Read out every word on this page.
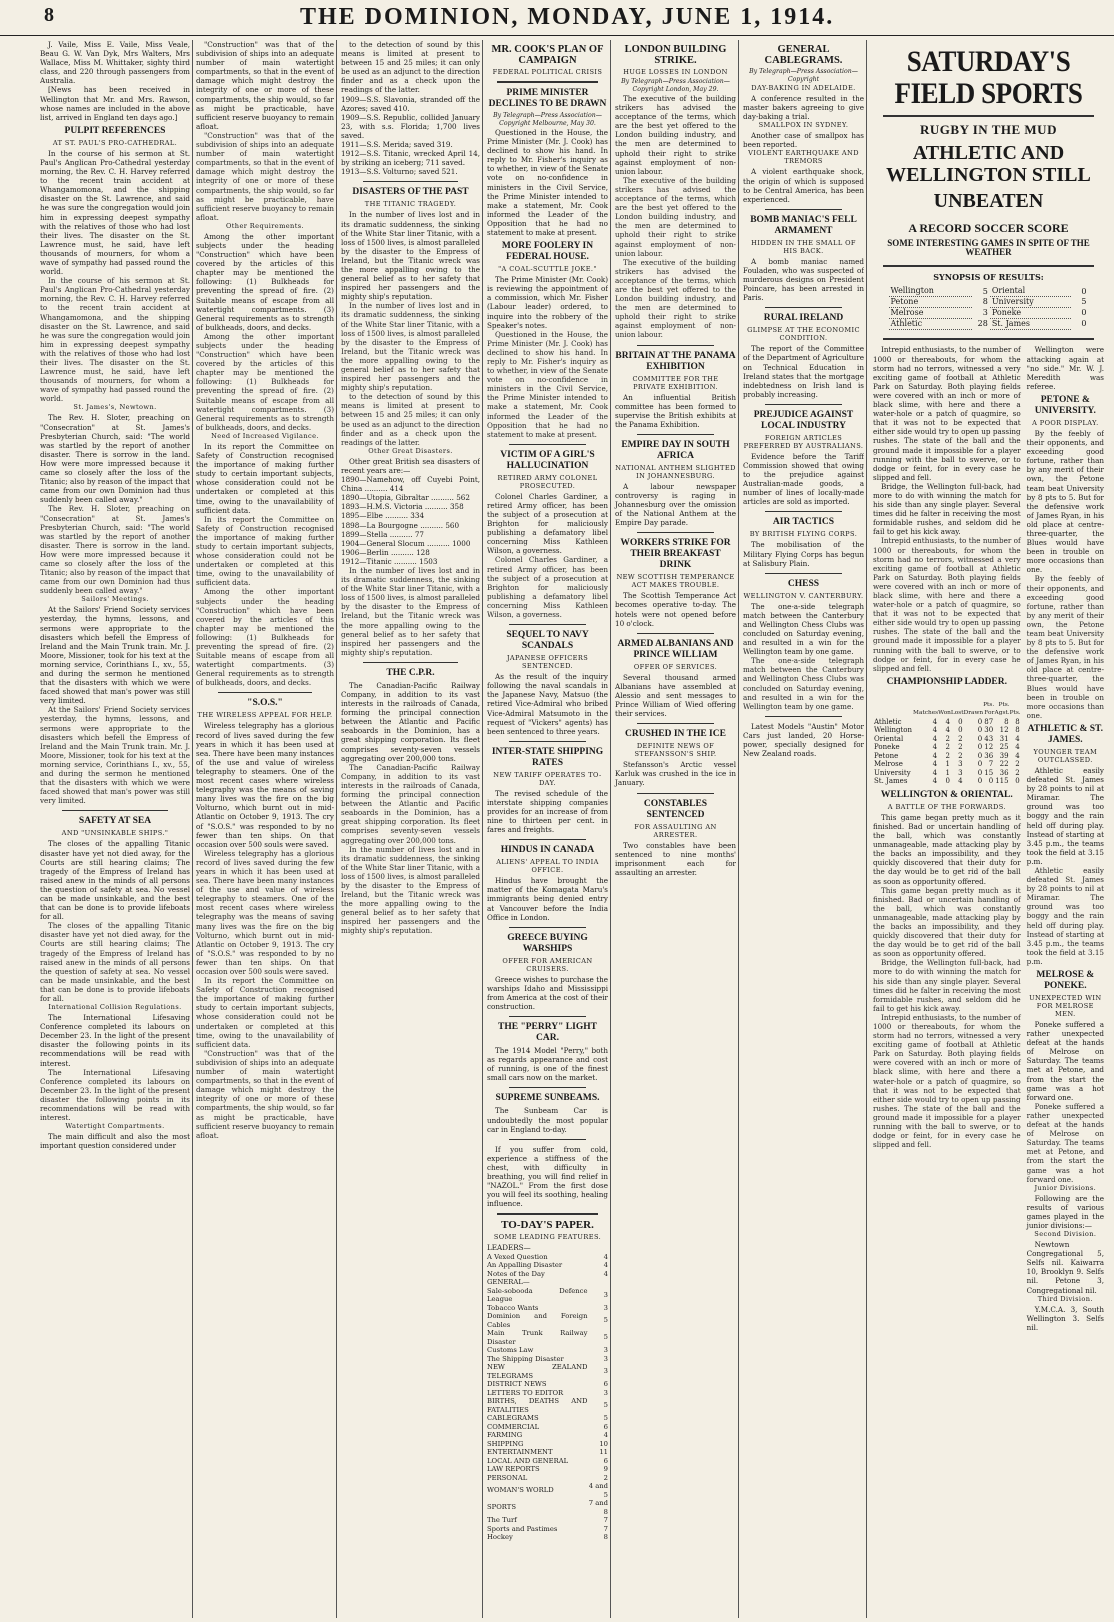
8	THE DOMINION, MONDAY, JUNE 1, 1914.
J. Vaile, Miss E. Vaile, Miss Veale, Beau G. W. Van Dyk, Mrs Walters, Mrs Wallace, Miss M. Whittaker, sighty third class, and 220 through passengers from Australia.
[News has been received in Wellington that Mr. and Mrs. Rawson, whose names are included in the above list, arrived in England ten days ago.]
PULPIT REFERENCES
AT ST. PAUL'S PRO-CATHEDRAL.
In the course of his sermon at St. Paul's Anglican Pro-Cathedral yesterday morning, the Rev. C. H. Harvey referred to the recent train accident at Whangamomona, and the shipping disaster on the St. Lawrence, and said he was sure the congregation would join him in expressing deepest sympathy with the relatives of those who had lost their lives. The disaster on the St. Lawrence must, he said, have left thousands of mourners, for whom a wave of sympathy had passed round the world.
In the course of his sermon at St. Paul's Anglican Pro-Cathedral yesterday morning, the Rev. C. H. Harvey referred to the recent train accident at Whangamomona, and the shipping disaster on the St. Lawrence, and said he was sure the congregation would join him in expressing deepest sympathy with the relatives of those who had lost their lives. The disaster on the St. Lawrence must, he said, have left thousands of mourners, for whom a wave of sympathy had passed round the world.
St. James's, Newtown.
The Rev. H. Sloter, preaching on "Consecration" at St. James's Presbyterian Church, said: "The world was startled by the report of another disaster. There is sorrow in the land. How were more impressed because it came so closely after the loss of the Titanic; also by reason of the impact that came from our own Dominion had thus suddenly been called away."
The Rev. H. Sloter, preaching on "Consecration" at St. James's Presbyterian Church, said: "The world was startled by the report of another disaster. There is sorrow in the land. How were more impressed because it came so closely after the loss of the Titanic; also by reason of the impact that came from our own Dominion had thus suddenly been called away."
Sailors' Meetings.
At the Sailors' Friend Society services yesterday, the hymns, lessons, and sermons were appropriate to the disasters which befell the Empress of Ireland and the Main Trunk train. Mr. J. Moore, Missioner, took for his text at the morning service, Corinthians I., xv., 55, and during the sermon he mentioned that the disasters with which we were faced showed that man's power was still very limited.
At the Sailors' Friend Society services yesterday, the hymns, lessons, and sermons were appropriate to the disasters which befell the Empress of Ireland and the Main Trunk train. Mr. J. Moore, Missioner, took for his text at the morning service, Corinthians I., xv., 55, and during the sermon he mentioned that the disasters with which we were faced showed that man's power was still very limited.
SAFETY AT SEA
AND "UNSINKABLE SHIPS."
The closes of the appalling Titanic disaster have yet not died away, for the Courts are still hearing claims; The tragedy of the Empress of Ireland has raised anew in the minds of all persons the question of safety at sea. No vessel can be made unsinkable, and the best that can be done is to provide lifeboats for all.
The closes of the appalling Titanic disaster have yet not died away, for the Courts are still hearing claims; The tragedy of the Empress of Ireland has raised anew in the minds of all persons the question of safety at sea. No vessel can be made unsinkable, and the best that can be done is to provide lifeboats for all.
International Collision Regulations.
The International Lifesaving Conference completed its labours on December 23. In the light of the present disaster the following points in its recommendations will be read with interest.
The International Lifesaving Conference completed its labours on December 23. In the light of the present disaster the following points in its recommendations will be read with interest.
Watertight Compartments.
The main difficult and also the most important question considered under
"Construction" was that of the subdivision of ships into an adequate number of main watertight compartments, so that in the event of damage which might destroy the integrity of one or more of these compartments, the ship would, so far as might be practicable, have sufficient reserve buoyancy to remain afloat.
"Construction" was that of the subdivision of ships into an adequate number of main watertight compartments, so that in the event of damage which might destroy the integrity of one or more of these compartments, the ship would, so far as might be practicable, have sufficient reserve buoyancy to remain afloat.
Other Requirements.
Among the other important subjects under the heading "Construction" which have been covered by the articles of this chapter may be mentioned the following: (1) Bulkheads for preventing the spread of fire. (2) Suitable means of escape from all watertight compartments. (3) General requirements as to strength of bulkheads, doors, and decks.
Among the other important subjects under the heading "Construction" which have been covered by the articles of this chapter may be mentioned the following: (1) Bulkheads for preventing the spread of fire. (2) Suitable means of escape from all watertight compartments. (3) General requirements as to strength of bulkheads, doors, and decks.
Need of Increased Vigilance.
In its report the Committee on Safety of Construction recognised the importance of making further study to certain important subjects, whose consideration could not be undertaken or completed at this time, owing to the unavailability of sufficient data.
In its report the Committee on Safety of Construction recognised the importance of making further study to certain important subjects, whose consideration could not be undertaken or completed at this time, owing to the unavailability of sufficient data.
Among the other important subjects under the heading "Construction" which have been covered by the articles of this chapter may be mentioned the following: (1) Bulkheads for preventing the spread of fire. (2) Suitable means of escape from all watertight compartments. (3) General requirements as to strength of bulkheads, doors, and decks.
"S.O.S."
THE WIRELESS APPEAL FOR HELP.
Wireless telegraphy has a glorious record of lives saved during the few years in which it has been used at sea. There have been many instances of the use and value of wireless telegraphy to steamers. One of the most recent cases where wireless telegraphy was the means of saving many lives was the fire on the big Volturno, which burnt out in mid-Atlantic on October 9, 1913. The cry of "S.O.S." was responded to by no fewer than ten ships. On that occasion over 500 souls were saved.
Wireless telegraphy has a glorious record of lives saved during the few years in which it has been used at sea. There have been many instances of the use and value of wireless telegraphy to steamers. One of the most recent cases where wireless telegraphy was the means of saving many lives was the fire on the big Volturno, which burnt out in mid-Atlantic on October 9, 1913. The cry of "S.O.S." was responded to by no fewer than ten ships. On that occasion over 500 souls were saved.
In its report the Committee on Safety of Construction recognised the importance of making further study to certain important subjects, whose consideration could not be undertaken or completed at this time, owing to the unavailability of sufficient data.
"Construction" was that of the subdivision of ships into an adequate number of main watertight compartments, so that in the event of damage which might destroy the integrity of one or more of these compartments, the ship would, so far as might be practicable, have sufficient reserve buoyancy to remain afloat.
to the detection of sound by this means is limited at present to between 15 and 25 miles; it can only be used as an adjunct to the direction finder and as a check upon the readings of the latter.
1909—S.S. Slavonia, stranded off the Azores; saved 410.
1909—S.S. Republic, collided January 23, with s.s. Florida; 1,700 lives saved.
1911—S.S. Merida; saved 319.
1912—S.S. Titanic, wrecked April 14, by striking an iceberg; 711 saved.
1913—S.S. Volturno; saved 521.
DISASTERS OF THE PAST
THE TITANIC TRAGEDY.
In the number of lives lost and in its dramatic suddenness, the sinking of the White Star liner Titanic, with a loss of 1500 lives, is almost paralleled by the disaster to the Empress of Ireland, but the Titanic wreck was the more appalling owing to the general belief as to her safety that inspired her passengers and the mighty ship's reputation.
In the number of lives lost and in its dramatic suddenness, the sinking of the White Star liner Titanic, with a loss of 1500 lives, is almost paralleled by the disaster to the Empress of Ireland, but the Titanic wreck was the more appalling owing to the general belief as to her safety that inspired her passengers and the mighty ship's reputation.
to the detection of sound by this means is limited at present to between 15 and 25 miles; it can only be used as an adjunct to the direction finder and as a check upon the readings of the latter.
Other Great Disasters.
Other great British sea disasters of recent years are:—
1890—Namehow, off Cuyebi Point, China .......... 414
1890—Utopia, Gibraltar .......... 562
1893—H.M.S. Victoria .......... 358
1895—Elbe .......... 334
1898—La Bourgogne .......... 560
1899—Stella .......... 77
1904—General Slocum .......... 1000
1906—Berlin .......... 128
1912—Titanic .......... 1503
In the number of lives lost and in its dramatic suddenness, the sinking of the White Star liner Titanic, with a loss of 1500 lives, is almost paralleled by the disaster to the Empress of Ireland, but the Titanic wreck was the more appalling owing to the general belief as to her safety that inspired her passengers and the mighty ship's reputation.
THE C.P.R.
The Canadian-Pacific Railway Company, in addition to its vast interests in the railroads of Canada, forming the principal connection between the Atlantic and Pacific seaboards in the Dominion, has a great shipping corporation. Its fleet comprises seventy-seven vessels aggregating over 200,000 tons.
The Canadian-Pacific Railway Company, in addition to its vast interests in the railroads of Canada, forming the principal connection between the Atlantic and Pacific seaboards in the Dominion, has a great shipping corporation. Its fleet comprises seventy-seven vessels aggregating over 200,000 tons.
In the number of lives lost and in its dramatic suddenness, the sinking of the White Star liner Titanic, with a loss of 1500 lives, is almost paralleled by the disaster to the Empress of Ireland, but the Titanic wreck was the more appalling owing to the general belief as to her safety that inspired her passengers and the mighty ship's reputation.
MR. COOK'S PLAN OF CAMPAIGN
FEDERAL POLITICAL CRISIS
PRIME MINISTER DECLINES TO BE DRAWN
By Telegraph—Press Association—Copyright Melbourne, May 30.
Questioned in the House, the Prime Minister (Mr. J. Cook) has declined to show his hand. In reply to Mr. Fisher's inquiry as to whether, in view of the Senate vote on no-confidence in ministers in the Civil Service, the Prime Minister intended to make a statement, Mr. Cook informed the Leader of the Opposition that he had no statement to make at present.
MORE FOOLERY IN FEDERAL HOUSE.
"A COAL-SCUTTLE JOKE."
The Prime Minister (Mr. Cook) is reviewing the appointment of a commission, which Mr. Fisher (Labour leader) ordered, to inquire into the robbery of the Speaker's notes.
Questioned in the House, the Prime Minister (Mr. J. Cook) has declined to show his hand. In reply to Mr. Fisher's inquiry as to whether, in view of the Senate vote on no-confidence in ministers in the Civil Service, the Prime Minister intended to make a statement, Mr. Cook informed the Leader of the Opposition that he had no statement to make at present.
VICTIM OF A GIRL'S HALLUCINATION
RETIRED ARMY COLONEL PROSECUTED.
Colonel Charles Gardiner, a retired Army officer, has been the subject of a prosecution at Brighton for maliciously publishing a defamatory libel concerning Miss Kathleen Wilson, a governess.
Colonel Charles Gardiner, a retired Army officer, has been the subject of a prosecution at Brighton for maliciously publishing a defamatory libel concerning Miss Kathleen Wilson, a governess.
SEQUEL TO NAVY SCANDALS
JAPANESE OFFICERS SENTENCED.
As the result of the inquiry following the naval scandals in the Japanese Navy, Matsuo (the retired Vice-Admiral who bribed Vice-Admiral Matsumoto in the request of "Vickers" agents) has been sentenced to three years.
INTER-STATE SHIPPING RATES
NEW TARIFF OPERATES TO-DAY.
The revised schedule of the interstate shipping companies provides for an increase of from nine to thirteen per cent. in fares and freights.
HINDUS IN CANADA
ALIENS' APPEAL TO INDIA OFFICE.
Hindus have brought the matter of the Komagata Maru's immigrants being denied entry at Vancouver before the India Office in London.
GREECE BUYING WARSHIPS
OFFER FOR AMERICAN CRUISERS.
Greece wishes to purchase the warships Idaho and Mississippi from America at the cost of their construction.
THE "PERRY" LIGHT CAR.
The 1914 Model "Perry," both as regards appearance and cost of running, is one of the finest small cars now on the market.
SUPREME SUNBEAMS.
The Sunbeam Car is undoubtedly the most popular car in England to-day.
If you suffer from cold, experience a stiffness of the chest, with difficulty in breathing, you will find relief in "NAZOL." From the first dose you will feel its soothing, healing influence.
TO-DAY'S PAPER.
SOME LEADING FEATURES.
LEADERS—
A Vexed Question	4
An Appalling Disaster	4
Notes of the Day	4
GENERAL—	
Sale-sobooda Defence League	3
Tobacco Wants	3
Dominion and Foreign Cables	5
Main Trunk Railway Disaster	5
Customs Law	3
The Shipping Disaster	3
NEW ZEALAND TELEGRAMS	3
DISTRICT NEWS	6
LETTERS TO EDITOR	3
BIRTHS, DEATHS AND FATALITIES	5
CABLEGRAMS	5
COMMERCIAL	6
FARMING	4
SHIPPING	10
ENTERTAINMENT	11
LOCAL AND GENERAL	6
LAW REPORTS	9
PERSONAL	2
WOMAN'S WORLD	4 and 5
SPORTS	7 and 8
The Turf	7
Sports and Pastimes	7
Hockey	8
LONDON BUILDING STRIKE.
HUGE LOSSES IN LONDON
By Telegraph—Press Association—Copyright London, May 29.
The executive of the building strikers has advised the acceptance of the terms, which are the best yet offered to the London building industry, and the men are determined to uphold their right to strike against employment of non-union labour.
The executive of the building strikers has advised the acceptance of the terms, which are the best yet offered to the London building industry, and the men are determined to uphold their right to strike against employment of non-union labour.
The executive of the building strikers has advised the acceptance of the terms, which are the best yet offered to the London building industry, and the men are determined to uphold their right to strike against employment of non-union labour.
BRITAIN AT THE PANAMA EXHIBITION
COMMITTEE FOR THE PRIVATE EXHIBITION.
An influential British committee has been formed to supervise the British exhibits at the Panama Exhibition.
EMPIRE DAY IN SOUTH AFRICA
NATIONAL ANTHEM SLIGHTED IN JOHANNESBURG.
A labour newspaper controversy is raging in Johannesburg over the omission of the National Anthem at the Empire Day parade.
WORKERS STRIKE FOR THEIR BREAKFAST DRINK
NEW SCOTTISH TEMPERANCE ACT MAKES TROUBLE.
The Scottish Temperance Act becomes operative to-day. The hotels were not opened before 10 o'clock.
ARMED ALBANIANS AND PRINCE WILLIAM
OFFER OF SERVICES.
Several thousand armed Albanians have assembled at Alessio and sent messages to Prince William of Wied offering their services.
CRUSHED IN THE ICE
DEFINITE NEWS OF STEFANSSON'S SHIP.
Stefansson's Arctic vessel Karluk was crushed in the ice in January.
CONSTABLES SENTENCED
FOR ASSAULTING AN ARRESTER.
Two constables have been sentenced to nine months' imprisonment each for assaulting an arrester.
GENERAL CABLEGRAMS.
By Telegraph—Press Association—Copyright
DAY-BAKING IN ADELAIDE.
A conference resulted in the master bakers agreeing to give day-baking a trial.
SMALLPOX IN SYDNEY.
Another case of smallpox has been reported.
VIOLENT EARTHQUAKE AND TREMORS
A violent earthquake shock, the origin of which is supposed to be Central America, has been experienced.
BOMB MANIAC'S FELL ARMAMENT
HIDDEN IN THE SMALL OF HIS BACK.
A bomb maniac named Fouladen, who was suspected of murderous designs on President Poincare, has been arrested in Paris.
RURAL IRELAND
GLIMPSE AT THE ECONOMIC CONDITION.
The report of the Committee of the Department of Agriculture on Technical Education in Ireland states that the mortgage indebtedness on Irish land is probably increasing.
PREJUDICE AGAINST LOCAL INDUSTRY
FOREIGN ARTICLES PREFERRED BY AUSTRALIANS.
Evidence before the Tariff Commission showed that owing to the prejudice against Australian-made goods, a number of lines of locally-made articles are sold as imported.
AIR TACTICS
BY BRITISH FLYING CORPS.
The mobilisation of the Military Flying Corps has begun at Salisbury Plain.
CHESS
WELLINGTON V. CANTERBURY.
The one-a-side telegraph match between the Canterbury and Wellington Chess Clubs was concluded on Saturday evening, and resulted in a win for the Wellington team by one game.
The one-a-side telegraph match between the Canterbury and Wellington Chess Clubs was concluded on Saturday evening, and resulted in a win for the Wellington team by one game.
Latest Models "Austin" Motor Cars just landed, 20 Horse-power, specially designed for New Zealand roads.
SATURDAY'S FIELD SPORTS
RUGBY IN THE MUD
ATHLETIC AND WELLINGTON STILL
UNBEATEN
A RECORD SOCCER SCORE
SOME INTERESTING GAMES IN SPITE OF THE WEATHER
SYNOPSIS OF RESULTS:
Wellington	5	Oriental	0
Petone	8	University	5
Melrose	3	Poneke	0
Athletic	28	St. James	0
Intrepid enthusiasts, to the number of 1000 or thereabouts, for whom the storm had no terrors, witnessed a very exciting game of football at Athletic Park on Saturday. Both playing fields were covered with an inch or more of black slime, with here and there a water-hole or a patch of quagmire, so that it was not to be expected that either side would try to open up passing rushes. The state of the ball and the ground made it impossible for a player running with the ball to swerve, or to dodge or feint, for in every case he slipped and fell.
Bridge, the Wellington full-back, had more to do with winning the match for his side than any single player. Several times did he falter in receiving the most formidable rushes, and seldom did he fail to get his kick away.
Intrepid enthusiasts, to the number of 1000 or thereabouts, for whom the storm had no terrors, witnessed a very exciting game of football at Athletic Park on Saturday. Both playing fields were covered with an inch or more of black slime, with here and there a water-hole or a patch of quagmire, so that it was not to be expected that either side would try to open up passing rushes. The state of the ball and the ground made it impossible for a player running with the ball to swerve, or to dodge or feint, for in every case he slipped and fell.
CHAMPIONSHIP LADDER.
	Matches	Won	Lost	Drawn	Pts. For	Pts. Agst.	Pts.
Athletic	4	4	0	0	87	8	8
Wellington	4	4	0	0	30	12	8
Oriental	4	2	2	0	43	31	4
Poneke	4	2	2	0	12	25	4
Petone	4	2	2	0	36	39	4
Melrose	4	1	3	0	7	22	2
University	4	1	3	0	15	36	2
St. James	4	0	4	0	0	115	0
WELLINGTON & ORIENTAL.
A BATTLE OF THE FORWARDS.
This game began pretty much as it finished. Bad or uncertain handling of the ball, which was constantly unmanageable, made attacking play by the backs an impossibility, and they quickly discovered that their duty for the day would be to get rid of the ball as soon as opportunity offered.
This game began pretty much as it finished. Bad or uncertain handling of the ball, which was constantly unmanageable, made attacking play by the backs an impossibility, and they quickly discovered that their duty for the day would be to get rid of the ball as soon as opportunity offered.
Bridge, the Wellington full-back, had more to do with winning the match for his side than any single player. Several times did he falter in receiving the most formidable rushes, and seldom did he fail to get his kick away.
Intrepid enthusiasts, to the number of 1000 or thereabouts, for whom the storm had no terrors, witnessed a very exciting game of football at Athletic Park on Saturday. Both playing fields were covered with an inch or more of black slime, with here and there a water-hole or a patch of quagmire, so that it was not to be expected that either side would try to open up passing rushes. The state of the ball and the ground made it impossible for a player running with the ball to swerve, or to dodge or feint, for in every case he slipped and fell.
Wellington were attacking again at "no side." Mr. W. J. Meredith was referee.
PETONE & UNIVERSITY.
A POOR DISPLAY.
By the feebly of their opponents, and exceeding good fortune, rather than by any merit of their own, the Petone team beat University by 8 pts to 5. But for the defensive work of James Ryan, in his old place at centre-three-quarter, the Blues would have been in trouble on more occasions than one.
By the feebly of their opponents, and exceeding good fortune, rather than by any merit of their own, the Petone team beat University by 8 pts to 5. But for the defensive work of James Ryan, in his old place at centre-three-quarter, the Blues would have been in trouble on more occasions than one.
ATHLETIC & ST. JAMES.
YOUNGER TEAM OUTCLASSED.
Athletic easily defeated St. James by 28 points to nil at Miramar. The ground was too boggy and the rain held off during play. Instead of starting at 3.45 p.m., the teams took the field at 3.15 p.m.
Athletic easily defeated St. James by 28 points to nil at Miramar. The ground was too boggy and the rain held off during play. Instead of starting at 3.45 p.m., the teams took the field at 3.15 p.m.
MELROSE & PONEKE.
UNEXPECTED WIN FOR MELROSE MEN.
Poneke suffered a rather unexpected defeat at the hands of Melrose on Saturday. The teams met at Petone, and from the start the game was a hot forward one.
Poneke suffered a rather unexpected defeat at the hands of Melrose on Saturday. The teams met at Petone, and from the start the game was a hot forward one.
Junior Divisions.
Following are the results of various games played in the junior divisions:—
Second Division.
Newtown Congregational 5, Selfs nil. Kaiwarra 10, Brooklyn 9. Selfs nil. Petone 3, Congregational nil.
Third Division.
Y.M.C.A. 3, South Wellington 3. Selfs nil.
